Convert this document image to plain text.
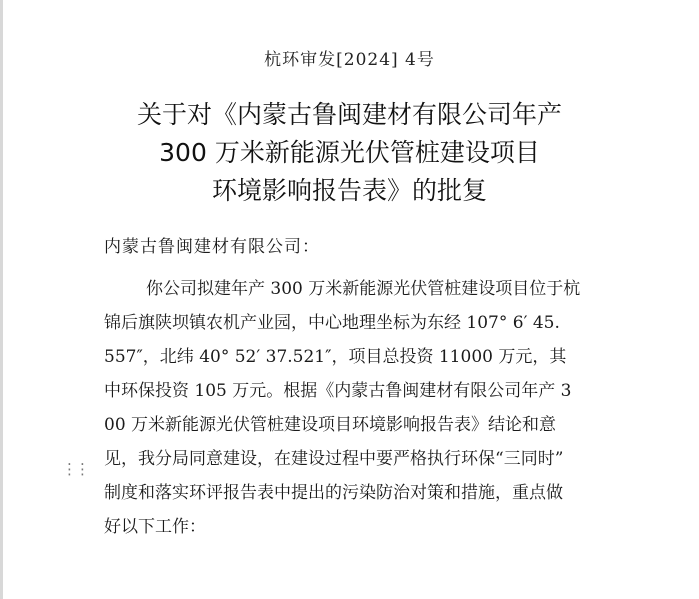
杭环审发[2024] 4号
关于对《内蒙古鲁闽建材有限公司年产
300 万米新能源光伏管桩建设项目
环境影响报告表》的批复
内蒙古鲁闽建材有限公司：
你公司拟建年产 300 万米新能源光伏管桩建设项目位于杭
锦后旗陕坝镇农机产业园，中心地理坐标为东经 107° 6′ 45.
557″，北纬 40° 52′ 37.521″，项目总投资 11000 万元，其
中环保投资 105 万元。根据《内蒙古鲁闽建材有限公司年产 3
00 万米新能源光伏管桩建设项目环境影响报告表》结论和意
见，我分局同意建设，在建设过程中要严格执行环保“三同时”
制度和落实环评报告表中提出的污染防治对策和措施，重点做
好以下工作：
⋮⋮
